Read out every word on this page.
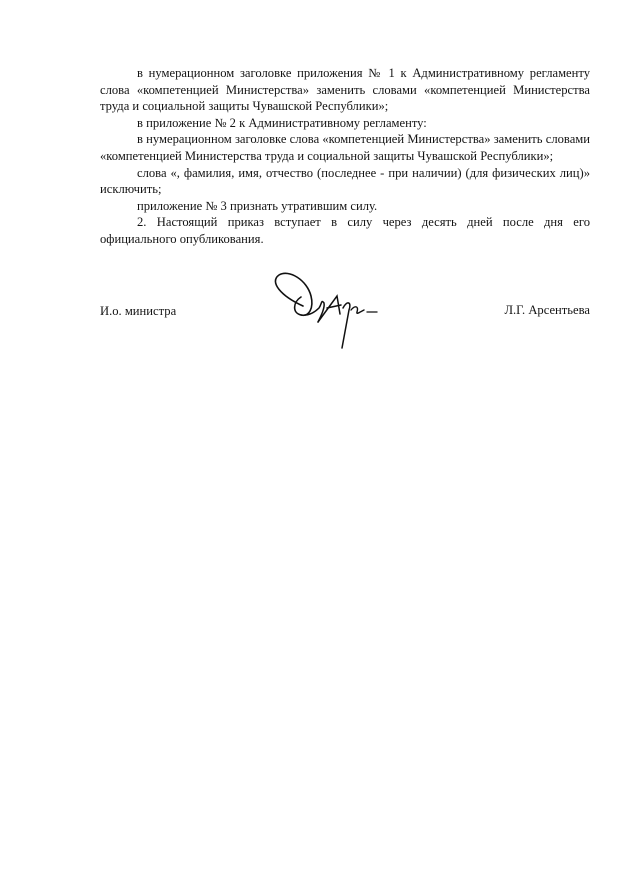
в нумерационном заголовке приложения № 1 к Административному регламенту слова «компетенцией Министерства» заменить словами «компетенцией Министерства труда и социальной защиты Чувашской Республики»;

в приложение № 2 к Административному регламенту:

в нумерационном заголовке слова «компетенцией Министерства» заменить словами «компетенцией Министерства труда и социальной защиты Чувашской Республики»;

слова «, фамилия, имя, отчество (последнее - при наличии) (для физических лиц)» исключить;

приложение № 3 признать утратившим силу.

2. Настоящий приказ вступает в силу через десять дней после дня его официального опубликования.

И.о. министра	Л.Г. Арсентьева
